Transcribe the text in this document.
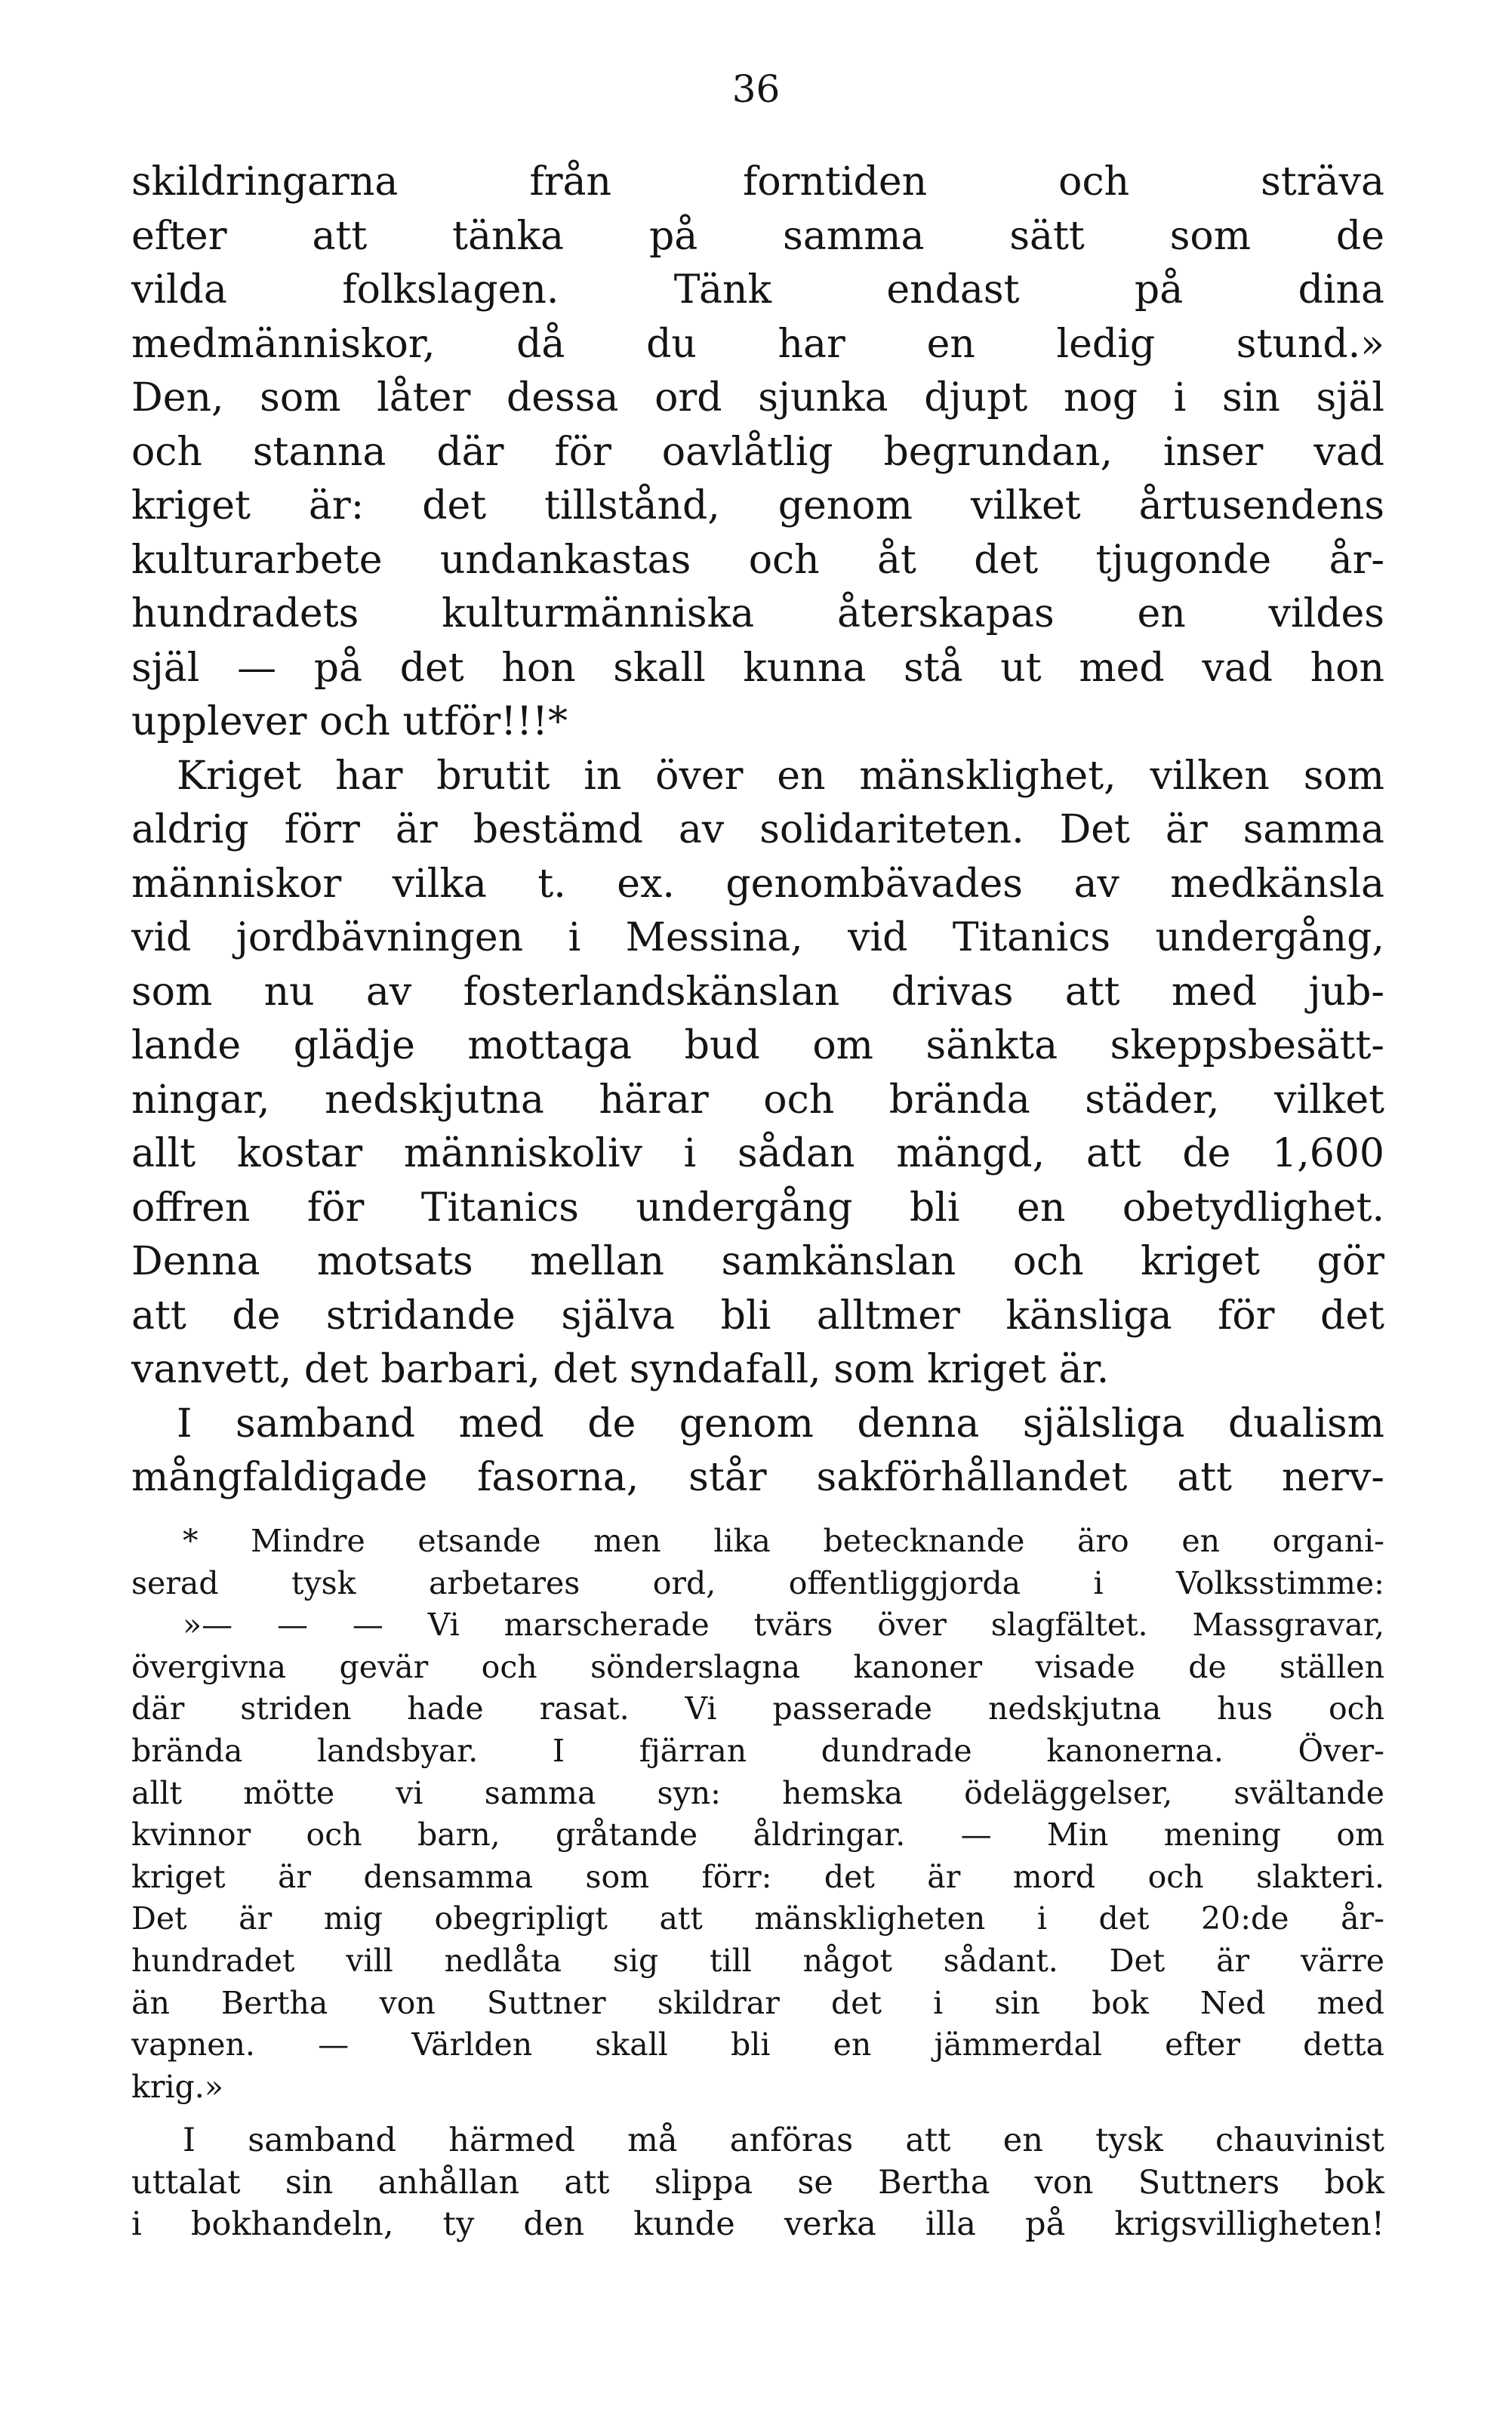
36
skildringarna från forntiden och sträva
efter att tänka på samma sätt som de
vilda folkslagen. Tänk endast på dina
medmänniskor, då du har en ledig stund.»
Den, som låter dessa ord sjunka djupt nog i sin själ
och stanna där för oavlåtlig begrundan, inser vad
kriget är: det tillstånd, genom vilket årtusendens
kulturarbete undankastas och åt det tjugonde år-
hundradets kulturmänniska återskapas en vildes
själ — på det hon skall kunna stå ut med vad hon
upplever och utför!!!*
Kriget har brutit in över en mänsklighet, vilken som
aldrig förr är bestämd av solidariteten. Det är samma
människor vilka t. ex. genombävades av medkänsla
vid jordbävningen i Messina, vid Titanics undergång,
som nu av fosterlandskänslan drivas att med jub-
lande glädje mottaga bud om sänkta skeppsbesätt-
ningar, nedskjutna härar och brända städer, vilket
allt kostar människoliv i sådan mängd, att de 1,600
offren för Titanics undergång bli en obetydlighet.
Denna motsats mellan samkänslan och kriget gör
att de stridande själva bli alltmer känsliga för det
vanvett, det barbari, det syndafall, som kriget är.
I samband med de genom denna själsliga dualism
mångfaldigade fasorna, står sakförhållandet att nerv-
* Mindre etsande men lika betecknande äro en organi-
serad tysk arbetares ord, offentliggjorda i Volksstimme:
»— — — Vi marscherade tvärs över slagfältet. Massgravar,
övergivna gevär och sönderslagna kanoner visade de ställen
där striden hade rasat. Vi passerade nedskjutna hus och
brända landsbyar. I fjärran dundrade kanonerna. Över-
allt mötte vi samma syn: hemska ödeläggelser, svältande
kvinnor och barn, gråtande åldringar. — Min mening om
kriget är densamma som förr: det är mord och slakteri.
Det är mig obegripligt att mänskligheten i det 20:de år-
hundradet vill nedlåta sig till något sådant. Det är värre
än Bertha von Suttner skildrar det i sin bok Ned med
vapnen. — Världen skall bli en jämmerdal efter detta
krig.»
I samband härmed må anföras att en tysk chauvinist
uttalat sin anhållan att slippa se Bertha von Suttners bok
i bokhandeln, ty den kunde verka illa på krigsvilligheten!
